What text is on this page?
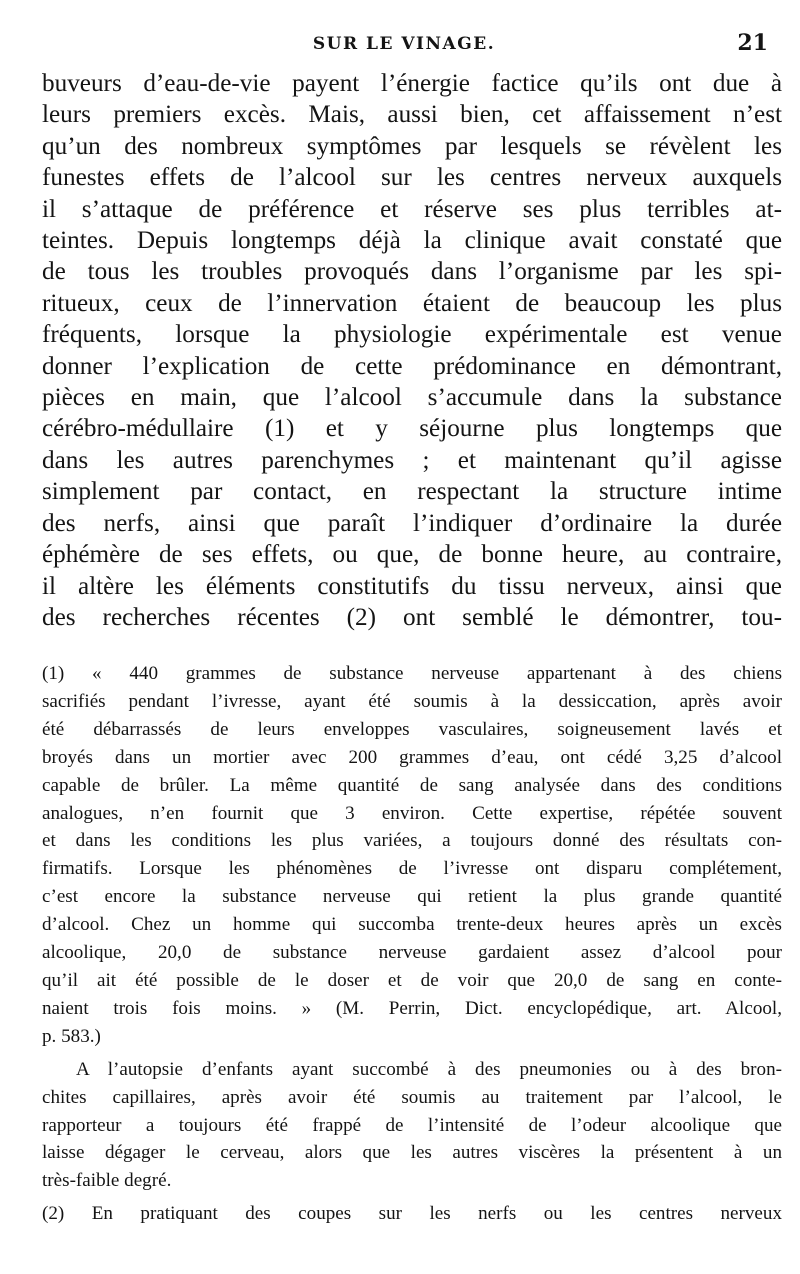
SUR LE VINAGE.	21
buveurs d’eau-de-vie payent l’énergie factice qu’ils ont due à
leurs premiers excès. Mais, aussi bien, cet affaissement n’est
qu’un des nombreux symptômes par lesquels se révèlent les
funestes effets de l’alcool sur les centres nerveux auxquels
il s’attaque de préférence et réserve ses plus terribles at-
teintes. Depuis longtemps déjà la clinique avait constaté que
de tous les troubles provoqués dans l’organisme par les spi-
ritueux, ceux de l’innervation étaient de beaucoup les plus
fréquents, lorsque la physiologie expérimentale est venue
donner l’explication de cette prédominance en démontrant,
pièces en main, que l’alcool s’accumule dans la substance
cérébro-médullaire (1) et y séjourne plus longtemps que
dans les autres parenchymes ; et maintenant qu’il agisse
simplement par contact, en respectant la structure intime
des nerfs, ainsi que paraît l’indiquer d’ordinaire la durée
éphémère de ses effets, ou que, de bonne heure, au contraire,
il altère les éléments constitutifs du tissu nerveux, ainsi que
des recherches récentes (2) ont semblé le démontrer, tou-
(1) « 440 grammes de substance nerveuse appartenant à des chiens
sacrifiés pendant l’ivresse, ayant été soumis à la dessiccation, après avoir
été débarrassés de leurs enveloppes vasculaires, soigneusement lavés et
broyés dans un mortier avec 200 grammes d’eau, ont cédé 3,25 d’alcool
capable de brûler. La même quantité de sang analysée dans des conditions
analogues, n’en fournit que 3 environ. Cette expertise, répétée souvent
et dans les conditions les plus variées, a toujours donné des résultats con-
firmatifs. Lorsque les phénomènes de l’ivresse ont disparu complétement,
c’est encore la substance nerveuse qui retient la plus grande quantité
d’alcool. Chez un homme qui succomba trente-deux heures après un excès
alcoolique, 20,0 de substance nerveuse gardaient assez d’alcool pour
qu’il ait été possible de le doser et de voir que 20,0 de sang en conte-
naient trois fois moins. » (M. Perrin, Dict. encyclopédique, art. Alcool,
p. 583.)
A l’autopsie d’enfants ayant succombé à des pneumonies ou à des bron-
chites capillaires, après avoir été soumis au traitement par l’alcool, le
rapporteur a toujours été frappé de l’intensité de l’odeur alcoolique que
laisse dégager le cerveau, alors que les autres viscères la présentent à un
très-faible degré.
(2) En pratiquant des coupes sur les nerfs ou les centres nerveux
